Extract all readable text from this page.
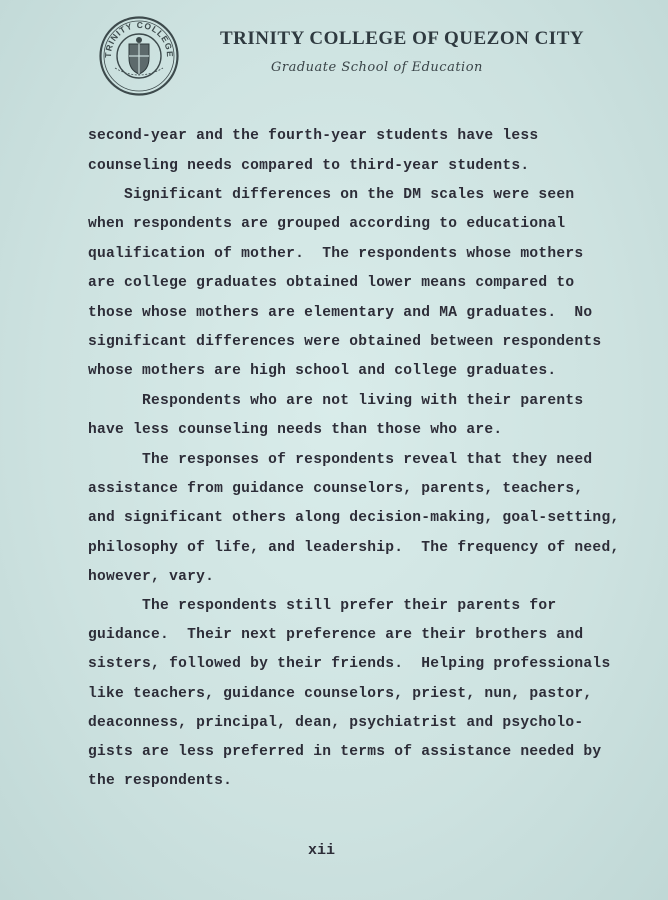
TRINITY COLLEGE
TRINITY COLLEGE OF QUEZON CITY
Graduate School of Education
second-year and the fourth-year students have less
counseling needs compared to third-year students.
Significant differences on the DM scales were seen
when respondents are grouped according to educational
qualification of mother.  The respondents whose mothers
are college graduates obtained lower means compared to
those whose mothers are elementary and MA graduates.  No
significant differences were obtained between respondents
whose mothers are high school and college graduates.
Respondents who are not living with their parents
have less counseling needs than those who are.
The responses of respondents reveal that they need
assistance from guidance counselors, parents, teachers,
and significant others along decision-making, goal-setting,
philosophy of life, and leadership.  The frequency of need,
however, vary.
The respondents still prefer their parents for
guidance.  Their next preference are their brothers and
sisters, followed by their friends.  Helping professionals
like teachers, guidance counselors, priest, nun, pastor,
deaconness, principal, dean, psychiatrist and psycholo-
gists are less preferred in terms of assistance needed by
the respondents.
xii
